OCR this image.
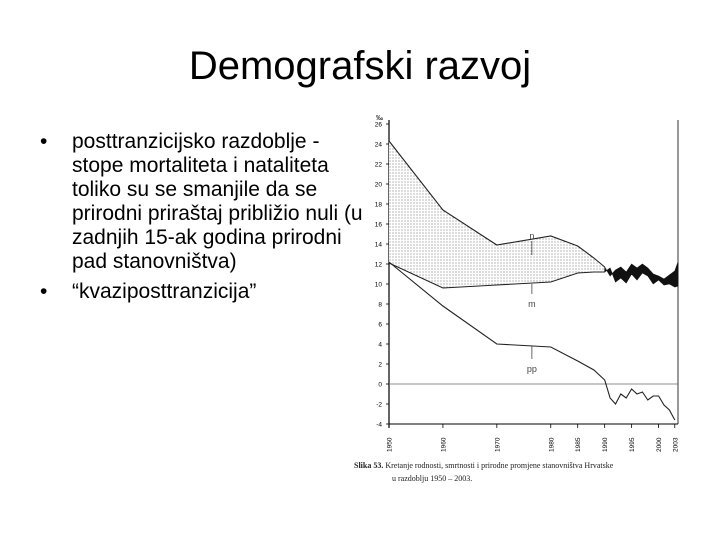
Demografski razvoj
• posttranzicijsko razdoblje - stope mortaliteta i nataliteta toliko su se smanjile da se prirodni priraštaj približio nuli (u zadnjih 15-ak godina prirodni pad stanovništva)
• “kvaziposttranzicija”
‰
26
24
22
20
18
16
14
12
10
8
6
4
2
0
-2
-4
1950	1960	1970	1980	1985	1990	1995	2000 2003
n
m
pp
Slika 53. Kretanje rodnosti, smrtnosti i prirodne promjene stanovništva Hrvatske
u razdoblju 1950 – 2003.
